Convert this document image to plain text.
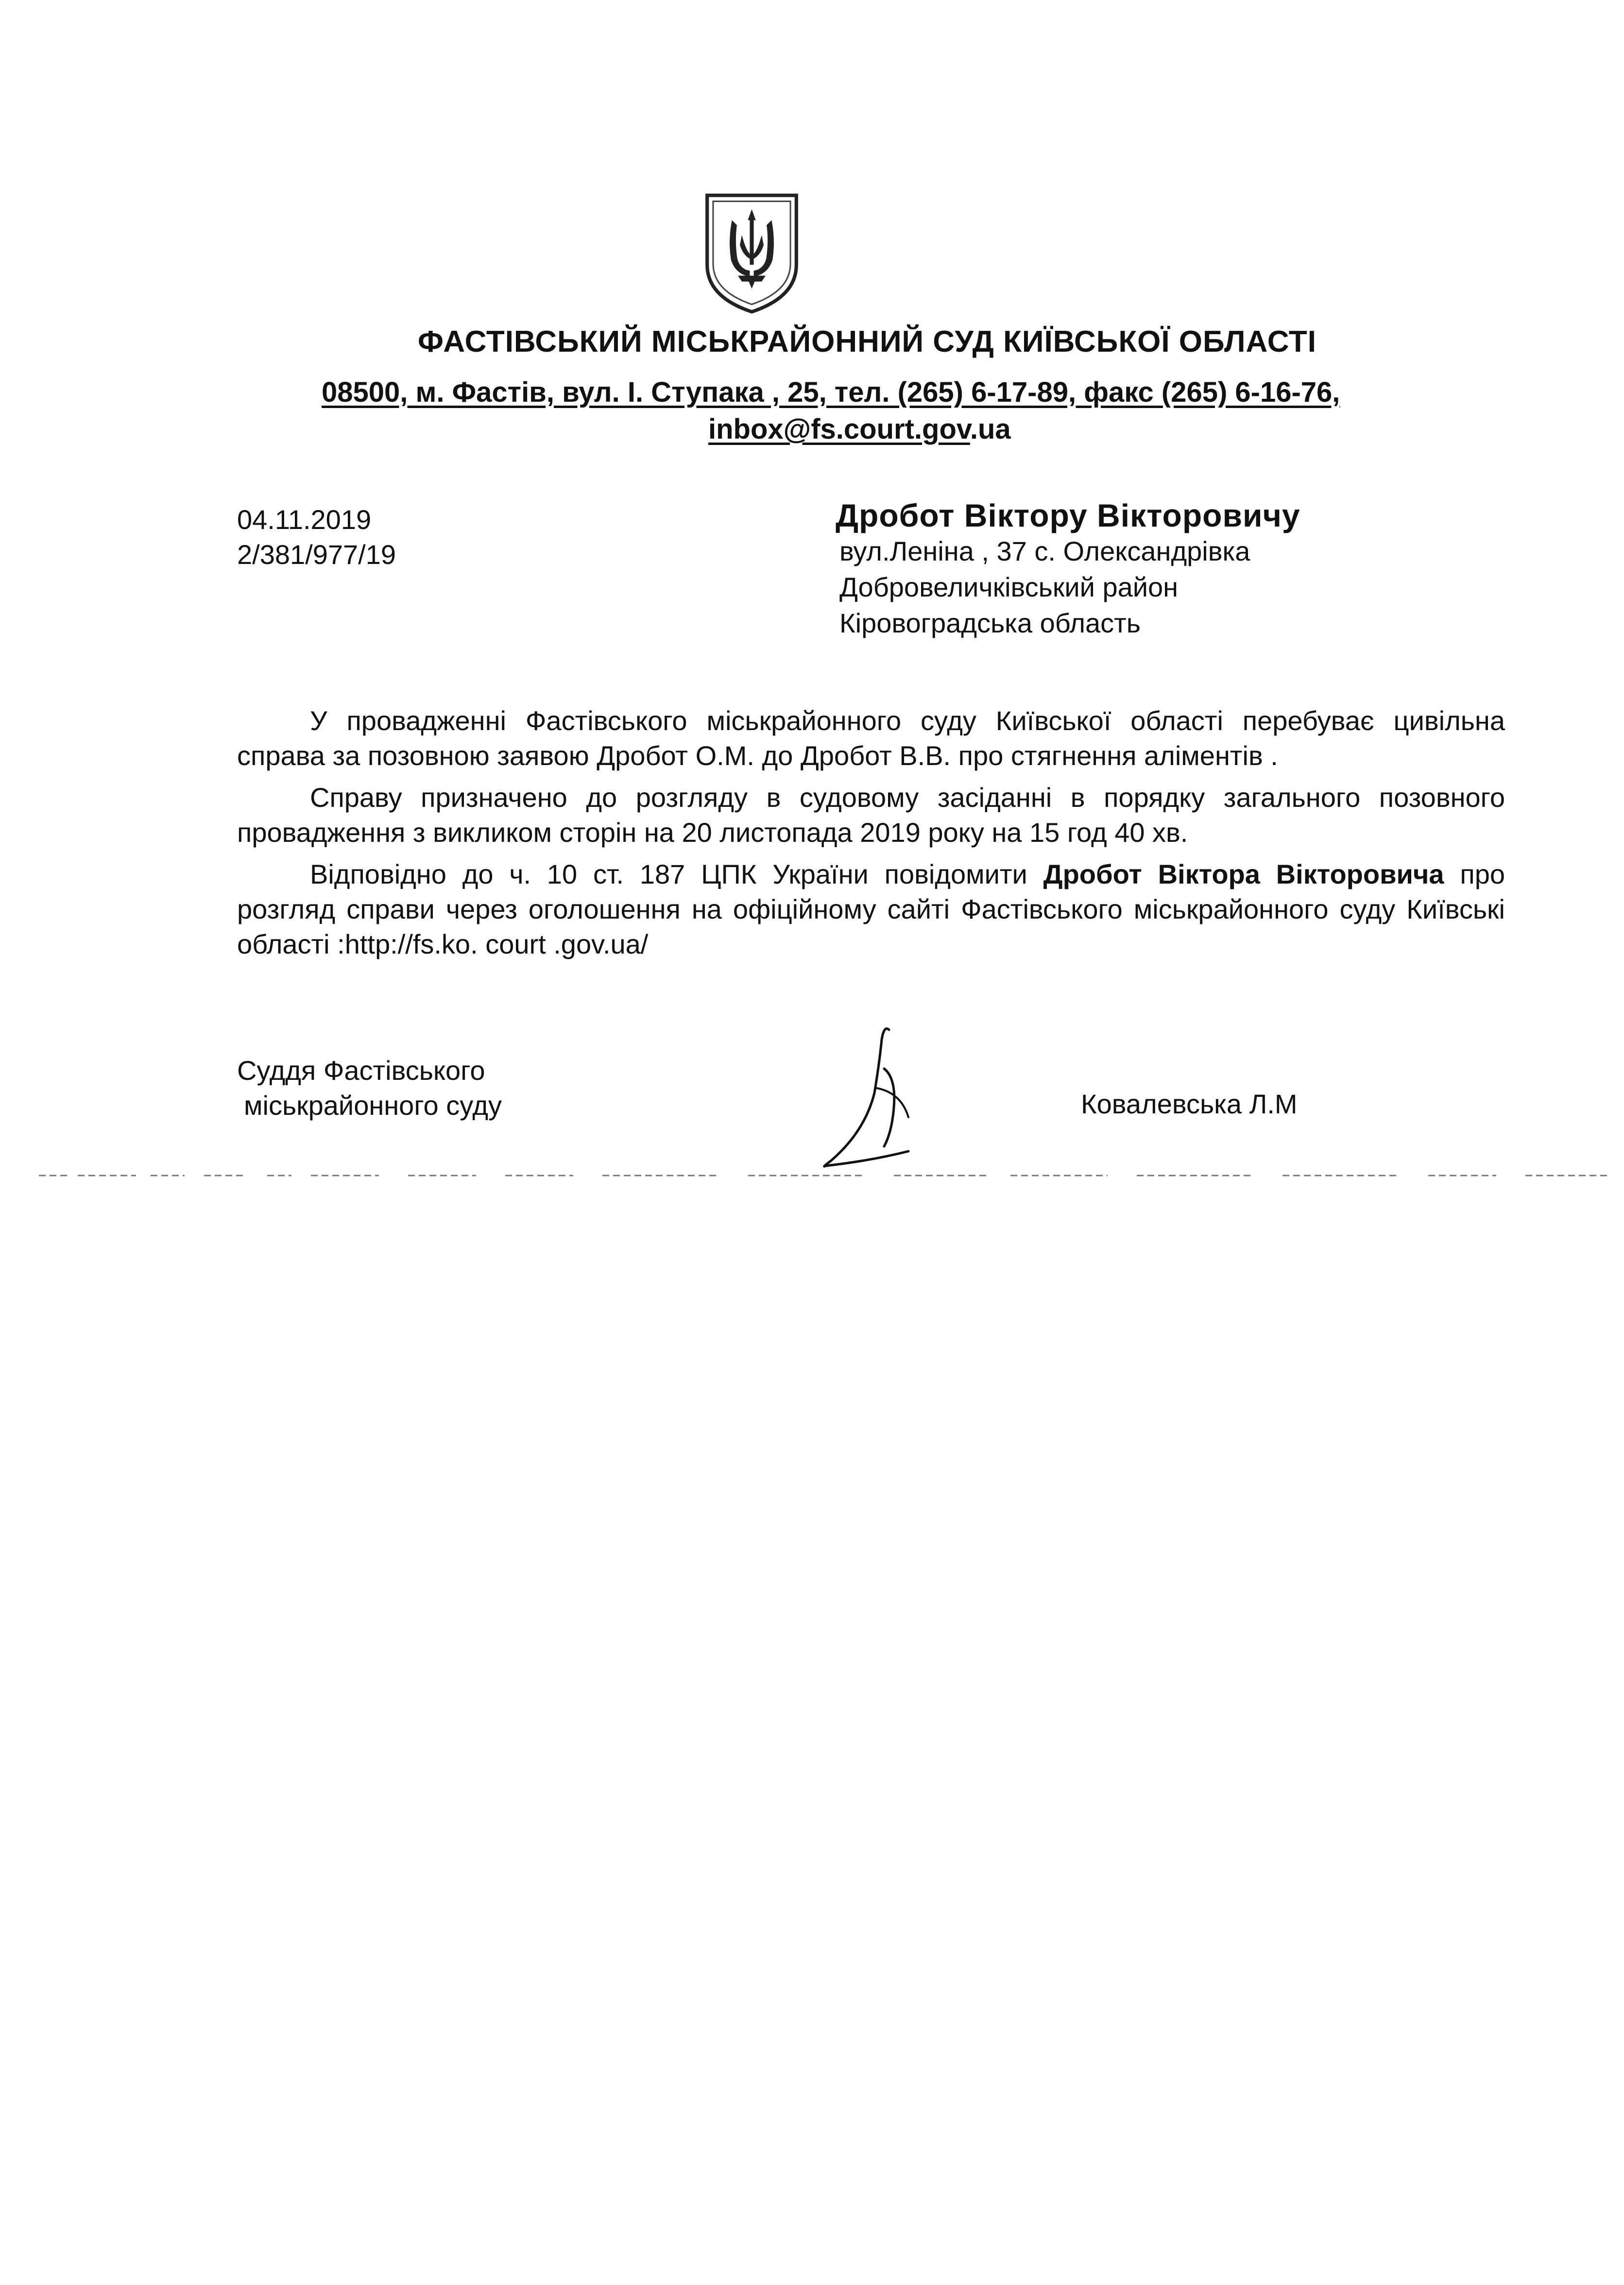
ФАСТІВСЬКИЙ МІСЬКРАЙОННИЙ СУД КИЇВСЬКОЇ ОБЛАСТІ
08500, м. Фастів, вул. І. Ступака , 25, тел. (265) 6-17-89, факс (265) 6-16-76,
inbox@fs.court.gov.ua
04.11.2019
2/381/977/19
Дробот Віктору Вікторовичу
вул.Леніна , 37 с. Олександрівка
Добровеличківський район
Кіровоградська область

У провадженні Фастівського міськрайонного суду Київської області перебуває цивільна справа за позовною заявою Дробот О.М. до Дробот В.В. про стягнення аліментів .

Справу призначено до розгляду в судовому засіданні в порядку загального позовного провадження з викликом сторін на 20 листопада 2019 року на 15 год 40 хв.

Відповідно до ч. 10 ст. 187 ЦПК України повідомити Дробот Віктора Вікторовича про розгляд справи через оголошення на офіційному сайті Фастівського міськрайонного суду Київські області :http://fs.ko. court .gov.ua/

Суддя Фастівського
міськрайонного суду	Ковалевська Л.М
